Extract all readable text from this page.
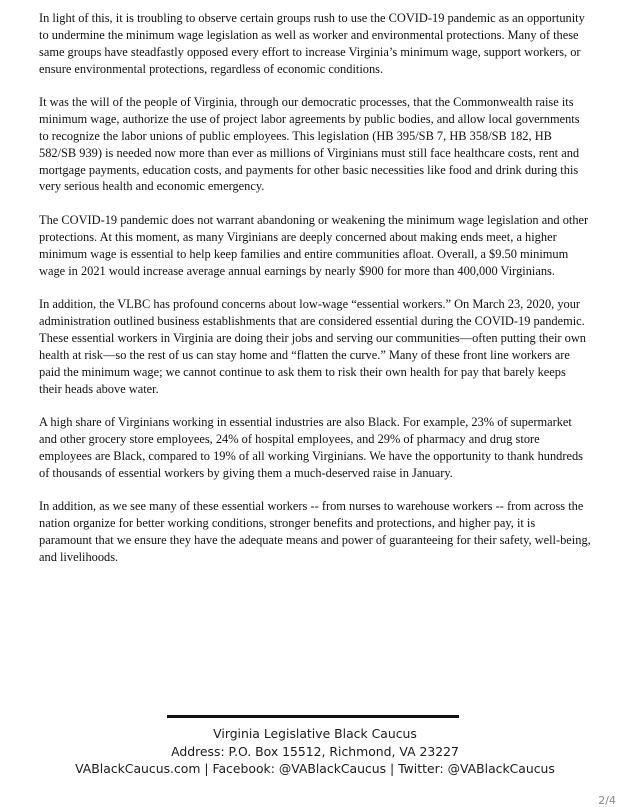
In light of this, it is troubling to observe certain groups rush to use the COVID-19 pandemic as an opportunity to undermine the minimum wage legislation as well as worker and environmental protections. Many of these same groups have steadfastly opposed every effort to increase Virginia’s minimum wage, support workers, or ensure environmental protections, regardless of economic conditions.

It was the will of the people of Virginia, through our democratic processes, that the Commonwealth raise its minimum wage, authorize the use of project labor agreements by public bodies, and allow local governments to recognize the labor unions of public employees. This legislation (HB 395/SB 7, HB 358/SB 182, HB 582/SB 939) is needed now more than ever as millions of Virginians must still face healthcare costs, rent and mortgage payments, education costs, and payments for other basic necessities like food and drink during this very serious health and economic emergency.

The COVID-19 pandemic does not warrant abandoning or weakening the minimum wage legislation and other protections. At this moment, as many Virginians are deeply concerned about making ends meet, a higher minimum wage is essential to help keep families and entire communities afloat. Overall, a $9.50 minimum wage in 2021 would increase average annual earnings by nearly $900 for more than 400,000 Virginians.

In addition, the VLBC has profound concerns about low-wage “essential workers.” On March 23, 2020, your administration outlined business establishments that are considered essential during the COVID-19 pandemic. These essential workers in Virginia are doing their jobs and serving our communities—often putting their own health at risk—so the rest of us can stay home and “flatten the curve.” Many of these front line workers are paid the minimum wage; we cannot continue to ask them to risk their own health for pay that barely keeps their heads above water.

A high share of Virginians working in essential industries are also Black. For example, 23% of supermarket and other grocery store employees, 24% of hospital employees, and 29% of pharmacy and drug store employees are Black, compared to 19% of all working Virginians. We have the opportunity to thank hundreds of thousands of essential workers by giving them a much-deserved raise in January.

In addition, as we see many of these essential workers -- from nurses to warehouse workers -- from across the nation organize for better working conditions, stronger benefits and protections, and higher pay, it is paramount that we ensure they have the adequate means and power of guaranteeing for their safety, well-being, and livelihoods.

Virginia Legislative Black Caucus
Address: P.O. Box 15512, Richmond, VA 23227
VABlackCaucus.com | Facebook: @VABlackCaucus | Twitter: @VABlackCaucus
2/4
